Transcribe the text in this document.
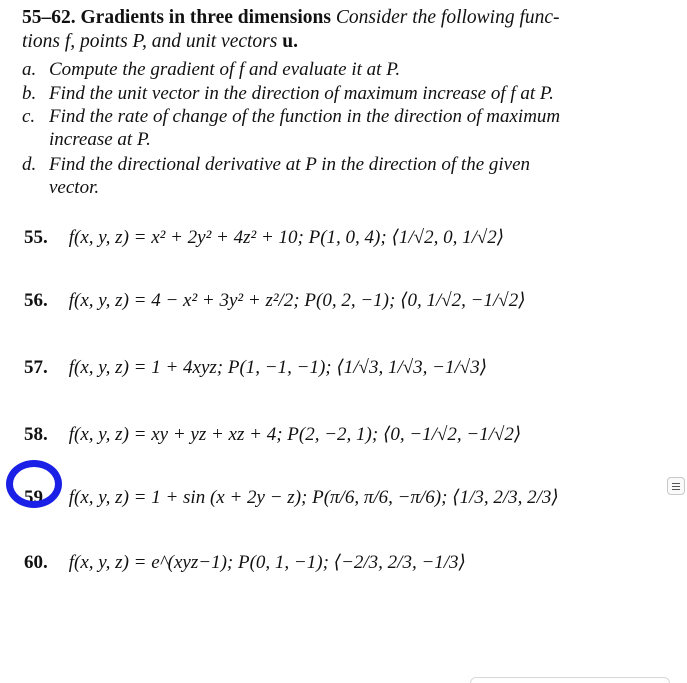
55–62. Gradients in three dimensions Consider the following func-
tions f, points P, and unit vectors u.
a. Compute the gradient of f and evaluate it at P.
b. Find the unit vector in the direction of maximum increase of f at P.
c. Find the rate of change of the function in the direction of maximum
increase at P.
d. Find the directional derivative at P in the direction of the given
vector.
55. f(x, y, z) = x² + 2y² + 4z² + 10; P(1, 0, 4); ⟨1/√2, 0, 1/√2⟩
56. f(x, y, z) = 4 − x² + 3y² + z²/2; P(0, 2, −1); ⟨0, 1/√2, −1/√2⟩
57. f(x, y, z) = 1 + 4xyz; P(1, −1, −1); ⟨1/√3, 1/√3, −1/√3⟩
58. f(x, y, z) = xy + yz + xz + 4; P(2, −2, 1); ⟨0, −1/√2, −1/√2⟩
59. f(x, y, z) = 1 + sin (x + 2y − z); P(π/6, π/6, −π/6); ⟨1/3, 2/3, 2/3⟩
60. f(x, y, z) = e^(xyz−1); P(0, 1, −1); ⟨−2/3, 2/3, −1/3⟩
